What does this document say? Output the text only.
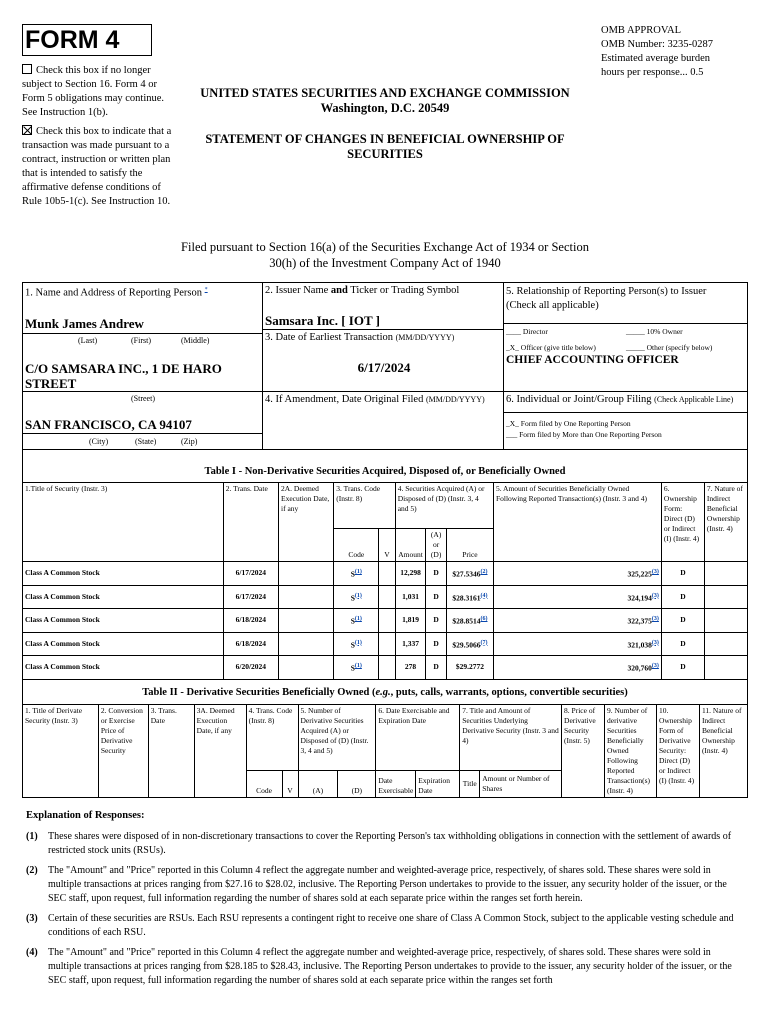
FORM 4	OMB APPROVAL
OMB Number: 3235-0287
Estimated average burden
hours per response... 0.5
Check this box if no longer subject to Section 16. Form 4 or Form 5 obligations may continue. See Instruction 1(b).
Check this box to indicate that a transaction was made pursuant to a contract, instruction or written plan that is intended to satisfy the affirmative defense conditions of Rule 10b5-1(c). See Instruction 10.
UNITED STATES SECURITIES AND EXCHANGE COMMISSION
Washington, D.C. 20549
STATEMENT OF CHANGES IN BENEFICIAL OWNERSHIP OF SECURITIES
Filed pursuant to Section 16(a) of the Securities Exchange Act of 1934 or Section 30(h) of the Investment Company Act of 1940
1. Name and Address of Reporting Person *
Munk James Andrew
(Last)	(First)	(Middle)
C/O SAMSARA INC., 1 DE HARO STREET
(Street)
SAN FRANCISCO, CA 94107
(City)	(State)	(Zip)
2. Issuer Name and Ticker or Trading Symbol
Samsara Inc. [ IOT ]
3. Date of Earliest Transaction (MM/DD/YYYY)
6/17/2024
4. If Amendment, Date Original Filed (MM/DD/YYYY)
5. Relationship of Reporting Person(s) to Issuer
(Check all applicable)
____ Director	_____ 10% Owner
_X_ Officer (give title below)	_____ Other (specify below)
CHIEF ACCOUNTING OFFICER
6. Individual or Joint/Group Filing (Check Applicable Line)
_X_ Form filed by One Reporting Person
___ Form filed by More than One Reporting Person
Table I - Non-Derivative Securities Acquired, Disposed of, or Beneficially Owned
1.Title of Security (Instr. 3)	2. Trans. Date	2A. Deemed Execution Date, if any	3. Trans. Code (Instr. 8)		4. Securities Acquired (A) or Disposed of (D) (Instr. 3, 4 and 5)			5. Amount of Securities Beneficially Owned Following Reported Transaction(s) (Instr. 3 and 4)	6. Ownership Form: Direct (D) or Indirect (I) (Instr. 4)	7. Nature of Indirect Beneficial Ownership (Instr. 4)
			Code	V	Amount	(A) or (D)	Price			
Class A Common Stock	6/17/2024		$S^{(1)}$		12,298	D	$27.5346$^{(2)}$	325,225$^{(3)}$	D	
Class A Common Stock	6/17/2024		$S^{(1)}$		1,031	D	$28.3161$^{(4)}$	324,194$^{(3)}$	D	
Class A Common Stock	6/18/2024		$S^{(1)}$		1,819	D	$28.8514$^{(6)}$	322,375$^{(3)}$	D	
Class A Common Stock	6/18/2024		$S^{(1)}$		1,337	D	$29.5066$^{(7)}$	321,038$^{(3)}$	D	
Class A Common Stock	6/20/2024		$S^{(1)}$		278	D	$29.2772	320,760$^{(3)}$	D	
Table II - Derivative Securities Beneficially Owned (e.g., puts, calls, warrants, options, convertible securities)
1. Title of Derivate Security (Instr. 3)	2. Conversion or Exercise Price of Derivative Security	3. Trans. Date	3A. Deemed Execution Date, if any	4. Trans. Code (Instr. 8)		5. Number of Derivative Securities Acquired (A) or Disposed of (D) (Instr. 3, 4 and 5)		6. Date Exercisable and Expiration Date		7. Title and Amount of Securities Underlying Derivative Security (Instr. 3 and 4)		8. Price of Derivative Security (Instr. 5)	9. Number of derivative Securities Beneficially Owned Following Reported Transaction(s) (Instr. 4)	10. Ownership Form of Derivative Security: Direct (D) or Indirect (I) (Instr. 4)	11. Nature of Indirect Beneficial Ownership (Instr. 4)
				Code	V	(A)	(D)	Date Exercisable	Expiration Date	Title	Amount or Number of Shares				
Explanation of Responses:

(1) These shares were disposed of in non-discretionary transactions to cover the Reporting Person's tax withholding obligations in connection with the settlement of awards of restricted stock units (RSUs).

(2) The "Amount" and "Price" reported in this Column 4 reflect the aggregate number and weighted-average price, respectively, of shares sold. These shares were sold in multiple transactions at prices ranging from $27.16 to $28.02, inclusive. The Reporting Person undertakes to provide to the issuer, any security holder of the issuer, or the SEC staff, upon request, full information regarding the number of shares sold at each separate price within the ranges set forth herein.

(3) Certain of these securities are RSUs. Each RSU represents a contingent right to receive one share of Class A Common Stock, subject to the applicable vesting schedule and conditions of each RSU.

(4) The "Amount" and "Price" reported in this Column 4 reflect the aggregate number and weighted-average price, respectively, of shares sold. These shares were sold in multiple transactions at prices ranging from $28.185 to $28.43, inclusive. The Reporting Person undertakes to provide to the issuer, any security holder of the issuer, or the SEC staff, upon request, full information regarding the number of shares sold at each separate price within the ranges set forth
